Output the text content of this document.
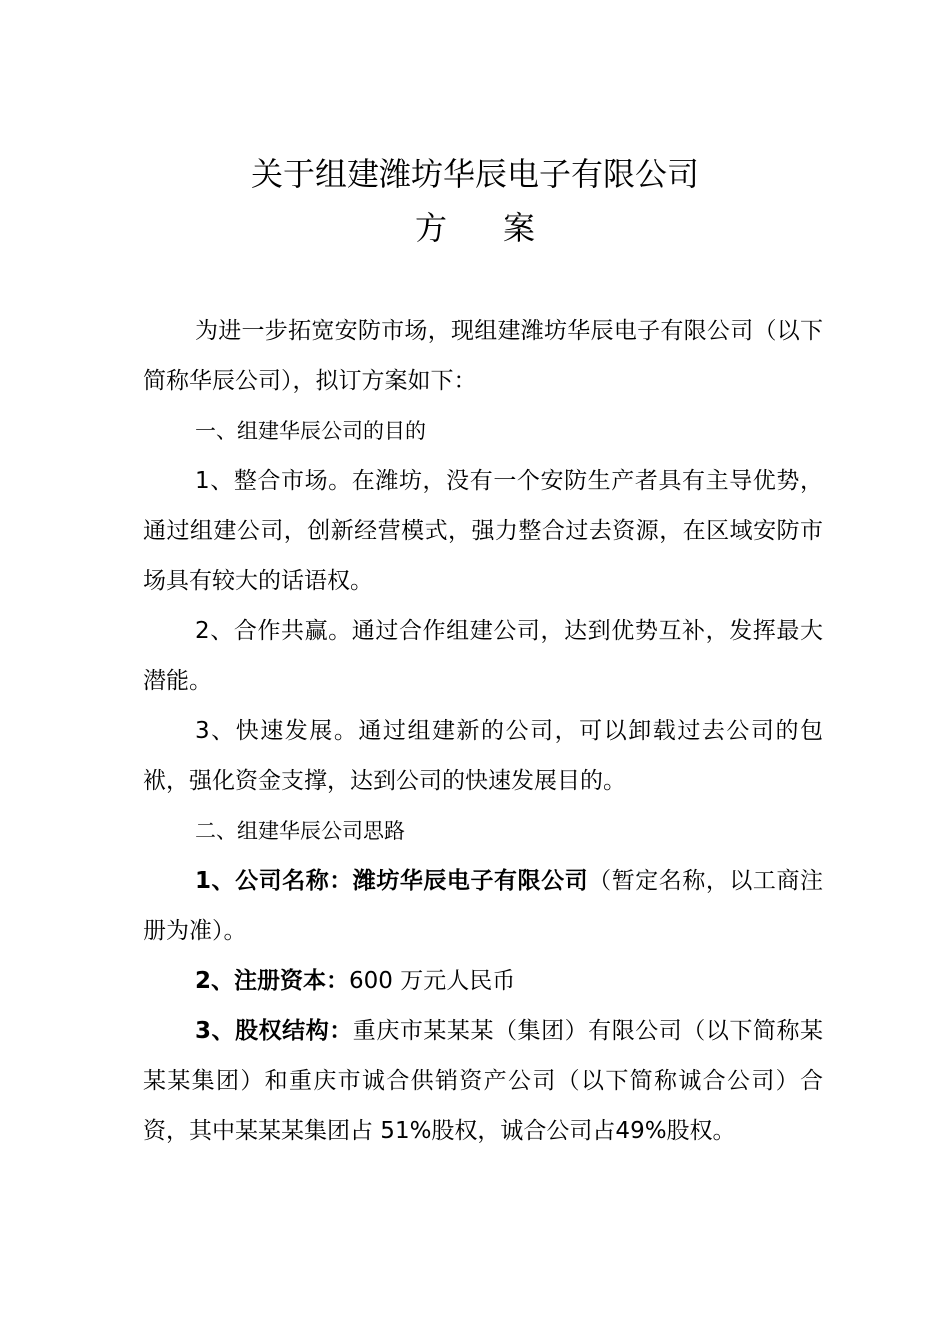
关于组建潍坊华辰电子有限公司
方 案

为进一步拓宽安防市场，现组建潍坊华辰电子有限公司（以下简称华辰公司），拟订方案如下：

一、组建华辰公司的目的

1、整合市场。在潍坊，没有一个安防生产者具有主导优势，通过组建公司，创新经营模式，强力整合过去资源，在区域安防市场具有较大的话语权。

2、合作共赢。通过合作组建公司，达到优势互补，发挥最大潜能。

3、快速发展。通过组建新的公司，可以卸载过去公司的包袱，强化资金支撑，达到公司的快速发展目的。

二、组建华辰公司思路

1、公司名称：潍坊华辰电子有限公司（暂定名称，以工商注册为准）。

2、注册资本：600 万元人民币

3、股权结构：重庆市某某某（集团）有限公司（以下简称某某某集团）和重庆市诚合供销资产公司（以下简称诚合公司）合资，其中某某某集团占 51%股权，诚合公司占49%股权。
